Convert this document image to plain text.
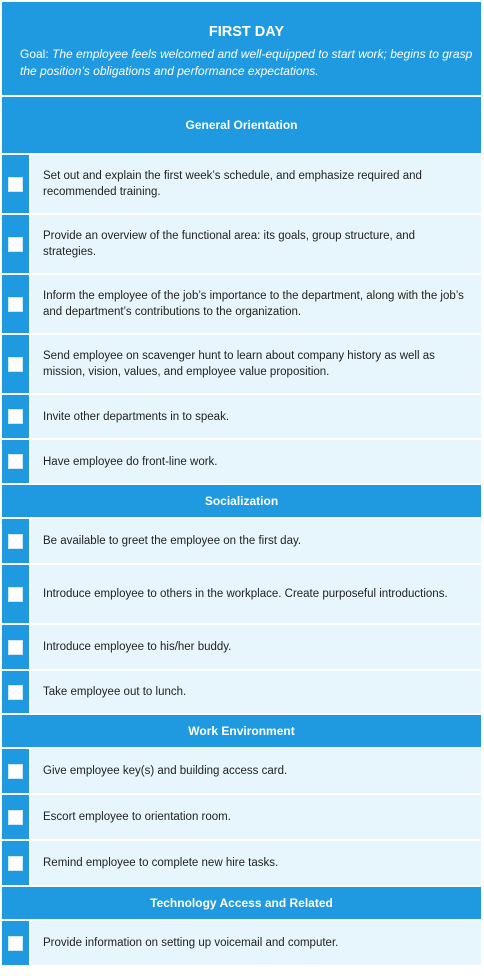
FIRST DAY
Goal: The employee feels welcomed and well-equipped to start work; begins to grasp the position’s obligations and performance expectations.
General Orientation
Set out and explain the first week’s schedule, and emphasize required and recommended training.
Provide an overview of the functional area: its goals, group structure, and strategies.
Inform the employee of the job’s importance to the department, along with the job’s and department’s contributions to the organization.
Send employee on scavenger hunt to learn about company history as well as mission, vision, values, and employee value proposition.
Invite other departments in to speak.
Have employee do front-line work.
Socialization
Be available to greet the employee on the first day.
Introduce employee to others in the workplace. Create purposeful introductions.
Introduce employee to his/her buddy.
Take employee out to lunch.
Work Environment
Give employee key(s) and building access card.
Escort employee to orientation room.
Remind employee to complete new hire tasks.
Technology Access and Related
Provide information on setting up voicemail and computer.
